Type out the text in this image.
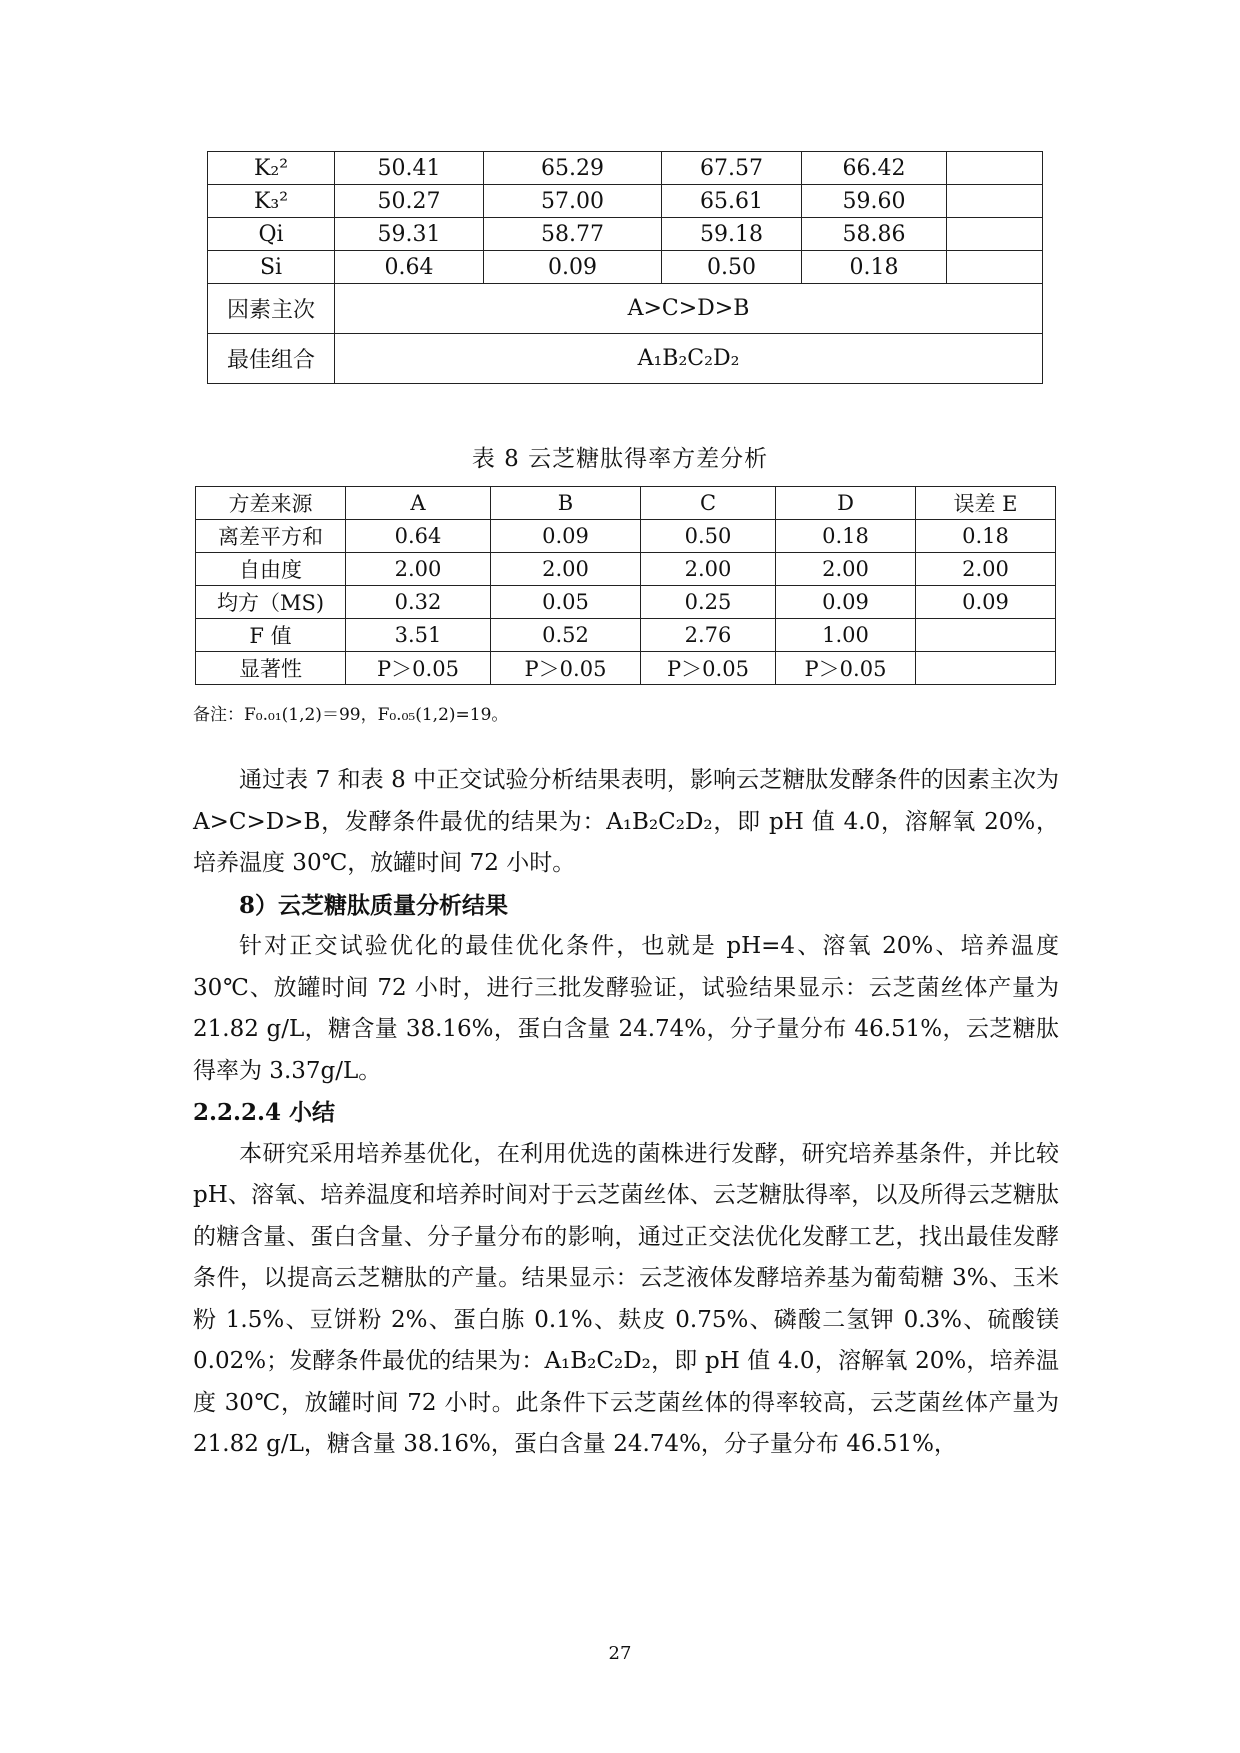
K₂²	50.41	65.29	67.57	66.42	
K₃²	50.27	57.00	65.61	59.60	
Qi	59.31	58.77	59.18	58.86	
Si	0.64	0.09	0.50	0.18	
因素主次	A>C>D>B				
最佳组合	A₁B₂C₂D₂				
表 8 云芝糖肽得率方差分析
方差来源	A	B	C	D	误差 E
离差平方和	0.64	0.09	0.50	0.18	0.18
自由度	2.00	2.00	2.00	2.00	2.00
均方（MS)	0.32	0.05	0.25	0.09	0.09
F 值	3.51	0.52	2.76	1.00	
显著性	P＞0.05	P＞0.05	P＞0.05	P＞0.05	
备注：F₀.₀₁(1,2)＝99，F₀.₀₅(1,2)=19。

通过表 7 和表 8 中正交试验分析结果表明，影响云芝糖肽发酵条件的因素主次为 A>C>D>B，发酵条件最优的结果为：A₁B₂C₂D₂，即 pH 值 4.0，溶解氧 20%，培养温度 30℃，放罐时间 72 小时。

8）云芝糖肽质量分析结果

针对正交试验优化的最佳优化条件，也就是 pH=4、溶氧 20%、培养温度 30℃、放罐时间 72 小时，进行三批发酵验证，试验结果显示：云芝菌丝体产量为 21.82 g/L，糖含量 38.16%，蛋白含量 24.74%，分子量分布 46.51%，云芝糖肽得率为 3.37g/L。

2.2.2.4 小结

本研究采用培养基优化，在利用优选的菌株进行发酵，研究培养基条件，并比较 pH、溶氧、培养温度和培养时间对于云芝菌丝体、云芝糖肽得率，以及所得云芝糖肽的糖含量、蛋白含量、分子量分布的影响，通过正交法优化发酵工艺，找出最佳发酵条件，以提高云芝糖肽的产量。结果显示：云芝液体发酵培养基为葡萄糖 3%、玉米粉 1.5%、豆饼粉 2%、蛋白胨 0.1%、麸皮 0.75%、磷酸二氢钾 0.3%、硫酸镁 0.02%；发酵条件最优的结果为：A₁B₂C₂D₂，即 pH 值 4.0，溶解氧 20%，培养温度 30℃，放罐时间 72 小时。此条件下云芝菌丝体的得率较高，云芝菌丝体产量为 21.82 g/L，糖含量 38.16%，蛋白含量 24.74%，分子量分布 46.51%，

27
